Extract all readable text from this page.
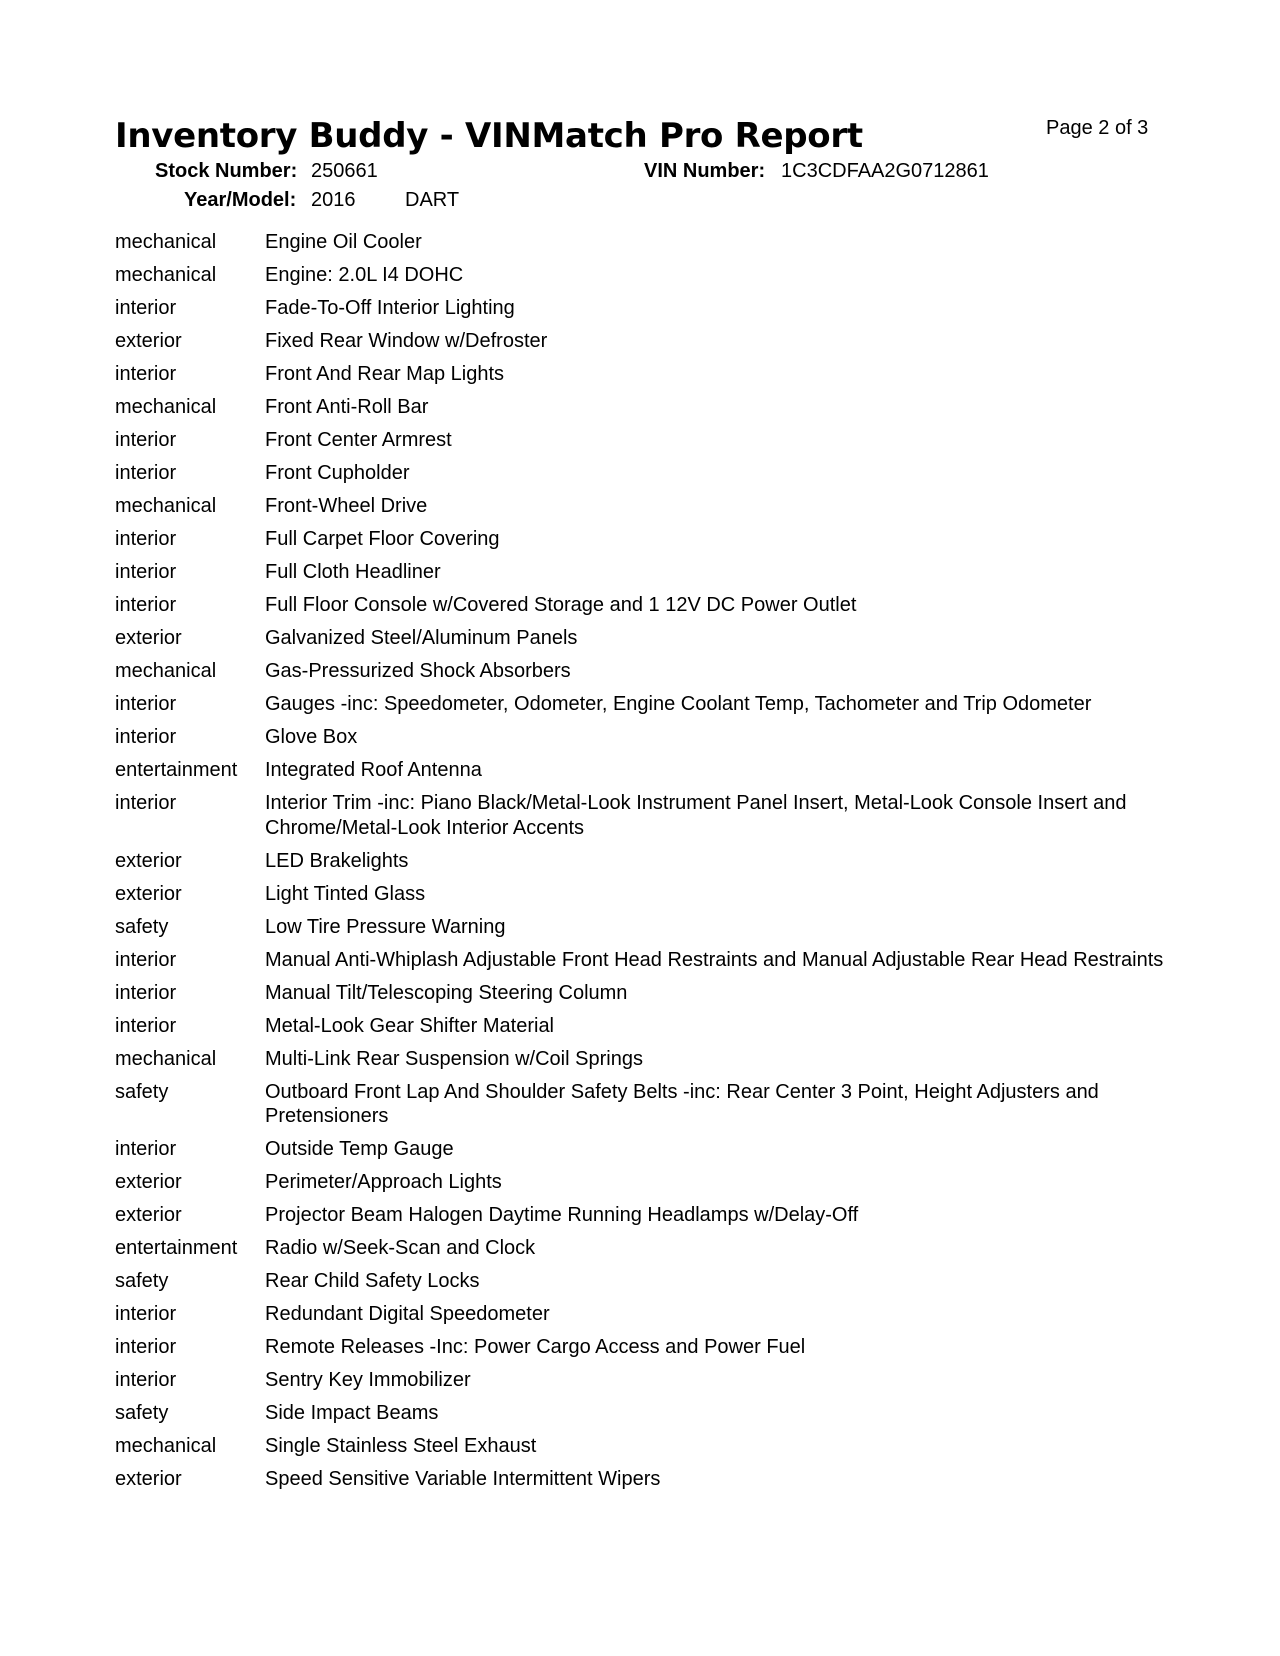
Inventory Buddy - VINMatch Pro Report	Page 2 of 3
Stock Number: 250661	VIN Number: 1C3CDFAA2G0712861
Year/Model: 2016 DART
mechanical	Engine Oil Cooler
mechanical	Engine: 2.0L I4 DOHC
interior	Fade-To-Off Interior Lighting
exterior	Fixed Rear Window w/Defroster
interior	Front And Rear Map Lights
mechanical	Front Anti-Roll Bar
interior	Front Center Armrest
interior	Front Cupholder
mechanical	Front-Wheel Drive
interior	Full Carpet Floor Covering
interior	Full Cloth Headliner
interior	Full Floor Console w/Covered Storage and 1 12V DC Power Outlet
exterior	Galvanized Steel/Aluminum Panels
mechanical	Gas-Pressurized Shock Absorbers
interior	Gauges -inc: Speedometer, Odometer, Engine Coolant Temp, Tachometer and Trip Odometer
interior	Glove Box
entertainment	Integrated Roof Antenna
interior	Interior Trim -inc: Piano Black/Metal-Look Instrument Panel Insert, Metal-Look Console Insert and Chrome/Metal-Look Interior Accents
exterior	LED Brakelights
exterior	Light Tinted Glass
safety	Low Tire Pressure Warning
interior	Manual Anti-Whiplash Adjustable Front Head Restraints and Manual Adjustable Rear Head Restraints
interior	Manual Tilt/Telescoping Steering Column
interior	Metal-Look Gear Shifter Material
mechanical	Multi-Link Rear Suspension w/Coil Springs
safety	Outboard Front Lap And Shoulder Safety Belts -inc: Rear Center 3 Point, Height Adjusters and Pretensioners
interior	Outside Temp Gauge
exterior	Perimeter/Approach Lights
exterior	Projector Beam Halogen Daytime Running Headlamps w/Delay-Off
entertainment	Radio w/Seek-Scan and Clock
safety	Rear Child Safety Locks
interior	Redundant Digital Speedometer
interior	Remote Releases -Inc: Power Cargo Access and Power Fuel
interior	Sentry Key Immobilizer
safety	Side Impact Beams
mechanical	Single Stainless Steel Exhaust
exterior	Speed Sensitive Variable Intermittent Wipers
